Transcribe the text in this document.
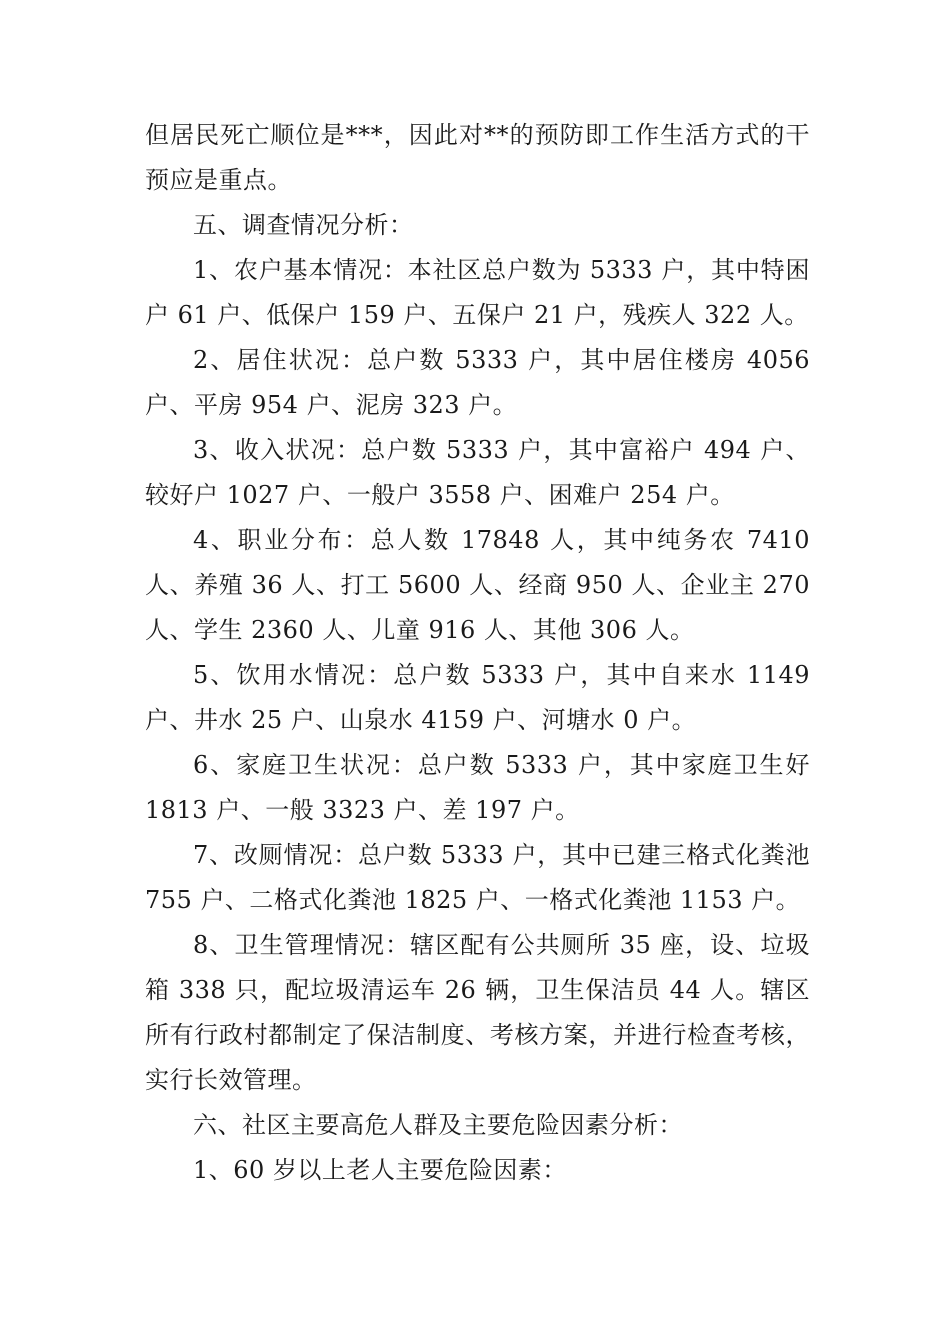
但居民死亡顺位是***，因此对**的预防即工作生活方式的干预应是重点。

五、调查情况分析：

1、农户基本情况：本社区总户数为 5333 户，其中特困户 61 户、低保户 159 户、五保户 21 户，残疾人 322 人。

2、居住状况：总户数 5333 户，其中居住楼房 4056 户、平房 954 户、泥房 323 户。

3、收入状况：总户数 5333 户，其中富裕户 494 户、较好户 1027 户、一般户 3558 户、困难户 254 户。

4、职业分布：总人数 17848 人，其中纯务农 7410 人、养殖 36 人、打工 5600 人、经商 950 人、企业主 270 人、学生 2360 人、儿童 916 人、其他 306 人。

5、饮用水情况：总户数 5333 户，其中自来水 1149 户、井水 25 户、山泉水 4159 户、河塘水 0 户。

6、家庭卫生状况：总户数 5333 户，其中家庭卫生好 1813 户、一般 3323 户、差 197 户。

7、改厕情况：总户数 5333 户，其中已建三格式化粪池 755 户、二格式化粪池 1825 户、一格式化粪池 1153 户。

8、卫生管理情况：辖区配有公共厕所 35 座，设、垃圾箱 338 只，配垃圾清运车 26 辆，卫生保洁员 44 人。辖区所有行政村都制定了保洁制度、考核方案，并进行检查考核，实行长效管理。

六、社区主要高危人群及主要危险因素分析：

1、60 岁以上老人主要危险因素：
